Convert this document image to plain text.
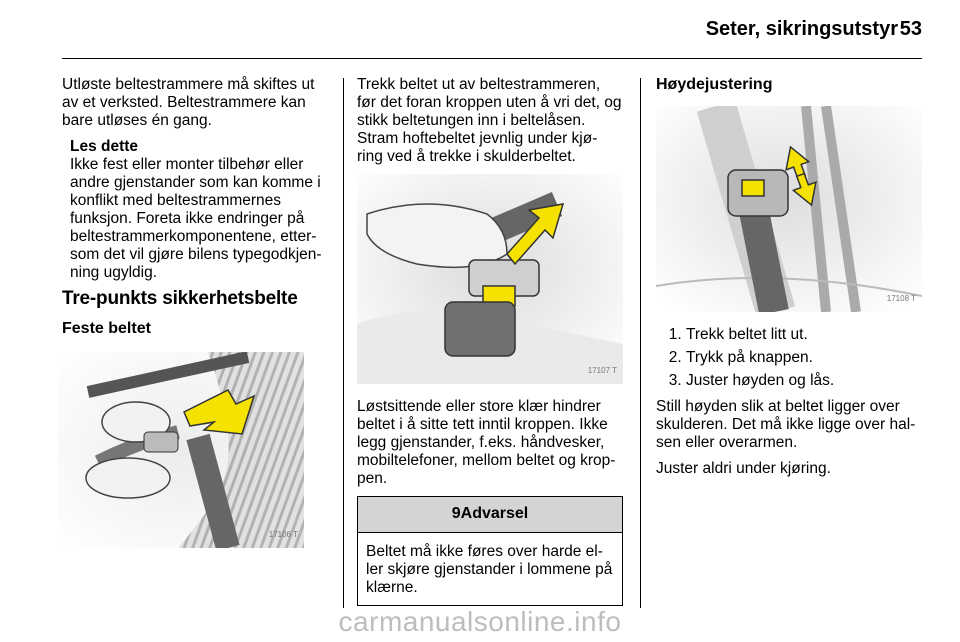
Seter, sikringsutstyr 53

Utløste beltestrammere må skiftes ut av et verksted. Beltestrammere kan bare utløses én gang.

Les dette
Ikke fest eller monter tilbehør eller andre gjenstander som kan komme i konflikt med beltestrammernes funksjon. Foreta ikke endringer på beltestrammerkomponentene, etter-som det vil gjøre bilens typegodkjen-ning ugyldig.
Tre-punkts sikkerhetsbelte
Feste beltet
17106 T

Trekk beltet ut av beltestrammeren, før det foran kroppen uten å vri det, og stikk beltetungen inn i beltelåsen. Stram hoftebeltet jevnlig under kjø-ring ved å trekke i skulderbeltet.

17107 T

Løstsittende eller store klær hindrer beltet i å sitte tett inntil kroppen. Ikke legg gjenstander, f.eks. håndvesker, mobiltelefoner, mellom beltet og krop-pen.

9Advarsel
Beltet må ikke føres over harde el-ler skjøre gjenstander i lommene på klærne.
Høydejustering
17108 T
1. Trekk beltet litt ut.
2. Trykk på knappen.
3. Juster høyden og lås.

Still høyden slik at beltet ligger over skulderen. Det må ikke ligge over hal-sen eller overarmen.

Juster aldri under kjøring.

carmanualsonline.info
